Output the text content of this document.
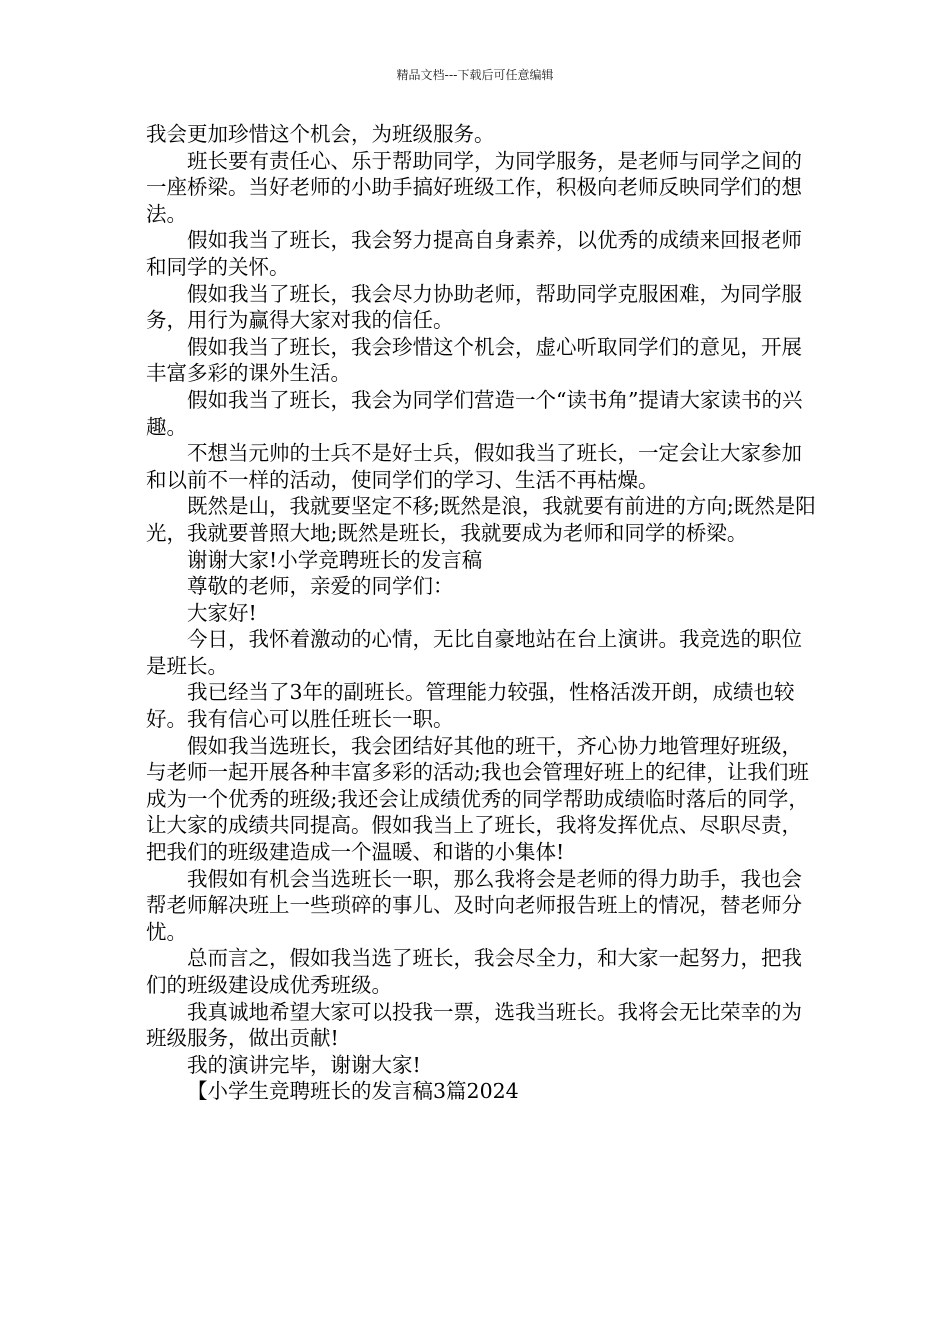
精品文档---下载后可任意编辑

我会更加珍惜这个机会，为班级服务。

班长要有责任心、乐于帮助同学，为同学服务，是老师与同学之间的一座桥梁。当好老师的小助手搞好班级工作，积极向老师反映同学们的想法。

假如我当了班长，我会努力提高自身素养，以优秀的成绩来回报老师和同学的关怀。

假如我当了班长，我会尽力协助老师，帮助同学克服困难，为同学服务，用行为赢得大家对我的信任。

假如我当了班长，我会珍惜这个机会，虚心听取同学们的意见，开展丰富多彩的课外生活。

假如我当了班长，我会为同学们营造一个“读书角”提请大家读书的兴趣。

不想当元帅的士兵不是好士兵，假如我当了班长，一定会让大家参加和以前不一样的活动，使同学们的学习、生活不再枯燥。

既然是山，我就要坚定不移;既然是浪，我就要有前进的方向;既然是阳光，我就要普照大地;既然是班长，我就要成为老师和同学的桥梁。

谢谢大家!小学竞聘班长的发言稿

尊敬的老师，亲爱的同学们：

大家好!

今日，我怀着激动的心情，无比自豪地站在台上演讲。我竞选的职位是班长。

我已经当了3年的副班长。管理能力较强，性格活泼开朗，成绩也较好。我有信心可以胜任班长一职。

假如我当选班长，我会团结好其他的班干，齐心协力地管理好班级，与老师一起开展各种丰富多彩的活动;我也会管理好班上的纪律，让我们班成为一个优秀的班级;我还会让成绩优秀的同学帮助成绩临时落后的同学，让大家的成绩共同提高。假如我当上了班长，我将发挥优点、尽职尽责，把我们的班级建造成一个温暖、和谐的小集体!

我假如有机会当选班长一职，那么我将会是老师的得力助手，我也会帮老师解决班上一些琐碎的事儿、及时向老师报告班上的情况，替老师分忧。

总而言之，假如我当选了班长，我会尽全力，和大家一起努力，把我们的班级建设成优秀班级。

我真诚地希望大家可以投我一票，选我当班长。我将会无比荣幸的为班级服务，做出贡献!

我的演讲完毕，谢谢大家!

【小学生竞聘班长的发言稿3篇2024
